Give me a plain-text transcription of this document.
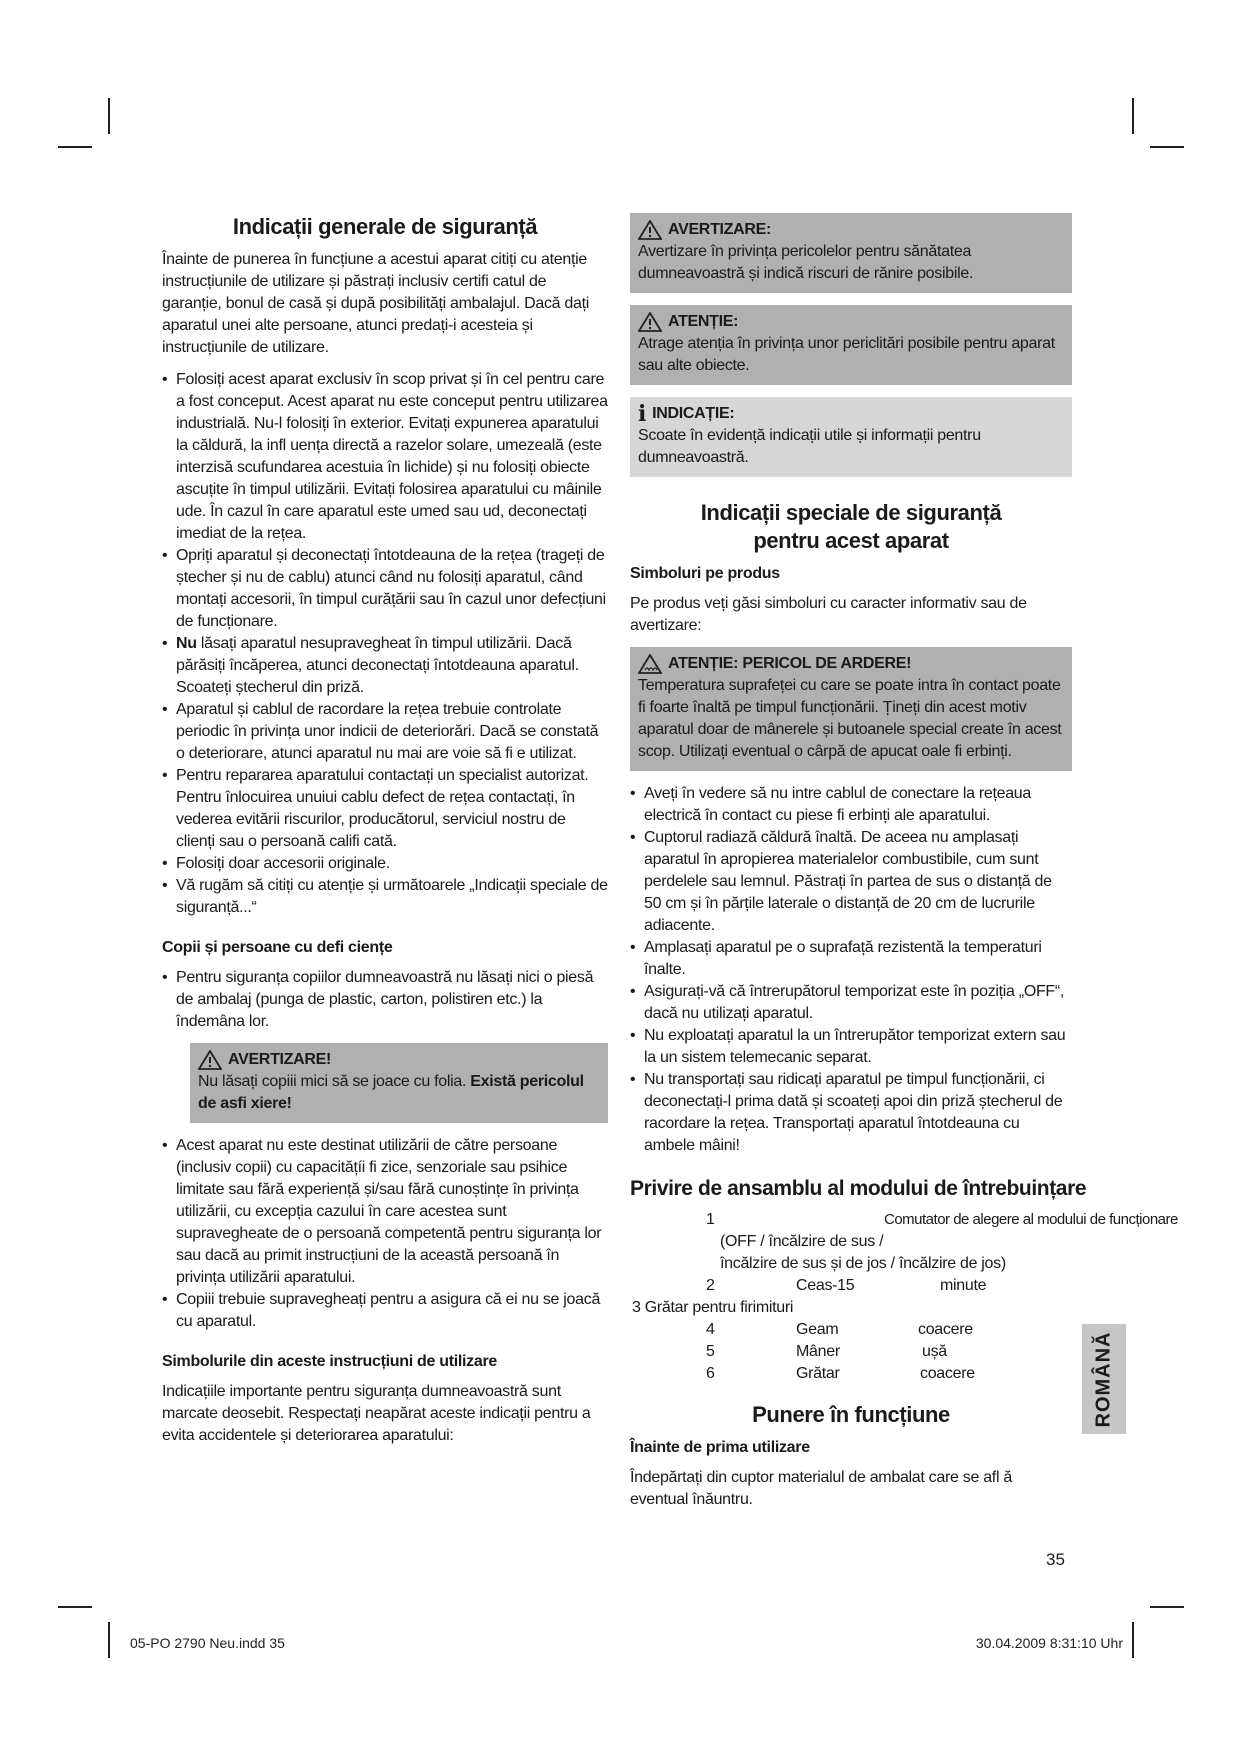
Indicații generale de siguranță

Înainte de punerea în funcțiune a acestui aparat citiți cu atenție instrucțiunile de utilizare și păstrați inclusiv certifi catul de garanție, bonul de casă și după posibilități ambalajul. Dacă dați aparatul unei alte persoane, atunci predați-i acesteia și instrucțiunile de utilizare.

• Folosiți acest aparat exclusiv în scop privat și în cel pentru care a fost conceput. Acest aparat nu este conceput pentru utilizarea industrială. Nu-l folosiți în exterior. Evitați expunerea aparatului la căldură, la infl uența directă a razelor solare, umezeală (este interzisă scufundarea acestuia în lichide) și nu folosiți obiecte ascuțite în timpul utilizării. Evitați folosirea aparatului cu mâinile ude. În cazul în care aparatul este umed sau ud, deconectați imediat de la rețea.
• Opriți aparatul și deconectați întotdeauna de la rețea (trageți de ștecher și nu de cablu) atunci când nu folosiți aparatul, când montați accesorii, în timpul curățării sau în cazul unor defecțiuni de funcționare.
• Nu lăsați aparatul nesupravegheat în timpul utilizării. Dacă părăsiți încăperea, atunci deconectați întotdeauna aparatul. Scoateți ștecherul din priză.
• Aparatul și cablul de racordare la rețea trebuie controlate periodic în privința unor indicii de deteriorări. Dacă se constată o deteriorare, atunci aparatul nu mai are voie să fi e utilizat.
• Pentru repararea aparatului contactați un specialist autorizat. Pentru înlocuirea unuiui cablu defect de rețea contactați, în vederea evitării riscurilor, producătorul, serviciul nostru de clienți sau o persoană califi cată.
• Folosiți doar accesorii originale.
• Vă rugăm să citiți cu atenție și următoarele „Indicații speciale de siguranță...“
Copii și persoane cu defi ciențe
• Pentru siguranța copiilor dumneavoastră nu lăsați nici o piesă de ambalaj (punga de plastic, carton, polistiren etc.) la îndemâna lor.
AVERTIZARE!
Nu lăsați copiii mici să se joace cu folia. Există pericolul de asfi xiere!
• Acest aparat nu este destinat utilizării de către persoane (inclusiv copii) cu capacitățíi fi zice, senzoriale sau psihice limitate sau fără experiență și/sau fără cunoștințe în privința utilizării, cu excepția cazului în care acestea sunt supravegheate de o persoană competentă pentru siguranța lor sau dacă au primit instrucțiuni de la această persoană în privința utilizării aparatului.
• Copiii trebuie supravegheați pentru a asigura că ei nu se joacă cu aparatul.
Simbolurile din aceste instrucțiuni de utilizare

Indicațiile importante pentru siguranța dumneavoastră sunt marcate deosebit. Respectați neapărat aceste indicații pentru a evita accidentele și deteriorarea aparatului:

AVERTIZARE:
Avertizare în privința pericolelor pentru sănătatea dumneavoastră și indică riscuri de rănire posibile.
ATENȚIE:
Atrage atenția în privința unor periclitări posibile pentru aparat sau alte obiecte.
i INDICAȚIE:
Scoate în evidență indicații utile și informații pentru dumneavoastră.
Indicații speciale de siguranță
pentru acest aparat
Simboluri pe produs

Pe produs veți găsi simboluri cu caracter informativ sau de avertizare:

ATENȚIE: PERICOL DE ARDERE!
Temperatura suprafeței cu care se poate intra în contact poate fi foarte înaltă pe timpul funcționării. Țineți din acest motiv aparatul doar de mânerele și butoanele special create în acest scop. Utilizați eventual o cârpă de apucat oale fi erbinți.
• Aveți în vedere să nu intre cablul de conectare la rețeaua electrică în contact cu piese fi erbinți ale aparatului.
• Cuptorul radiază căldură înaltă. De aceea nu amplasați aparatul în apropierea materialelor combustibile, cum sunt perdelele sau lemnul. Păstrați în partea de sus o distanță de 50 cm și în părțile laterale o distanță de 20 cm de lucrurile adiacente.
• Amplasați aparatul pe o suprafață rezistentă la temperaturi înalte.
• Asigurați-vă că întrerupătorul temporizat este în poziția „OFF“, dacă nu utilizați aparatul.
• Nu exploatați aparatul la un întrerupător temporizat extern sau la un sistem telemecanic separat.
• Nu transportați sau ridicați aparatul pe timpul funcționării, ci deconectați-l prima dată și scoateți apoi din priză ștecherul de racordare la rețea. Transportați aparatul întotdeauna cu ambele mâini!
Privire de ansamblu al modului de întrebuințare
1	Comutator de alegere al modului de funcționare
(OFF / încălzire de sus /
încălzire de sus și de jos / încălzire de jos)
2	Ceas-15	minute
3 Grătar pentru firimituri
4	Geam	coacere
5	Mâner	ușă
6	Grătar	coacere
Punere în funcțiune
Înainte de prima utilizare

Îndepărtați din cuptor materialul de ambalat care se afl ă eventual înăuntru.

ROMÂNĂ
35
05-PO 2790 Neu.indd 35	30.04.2009 8:31:10 Uhr
